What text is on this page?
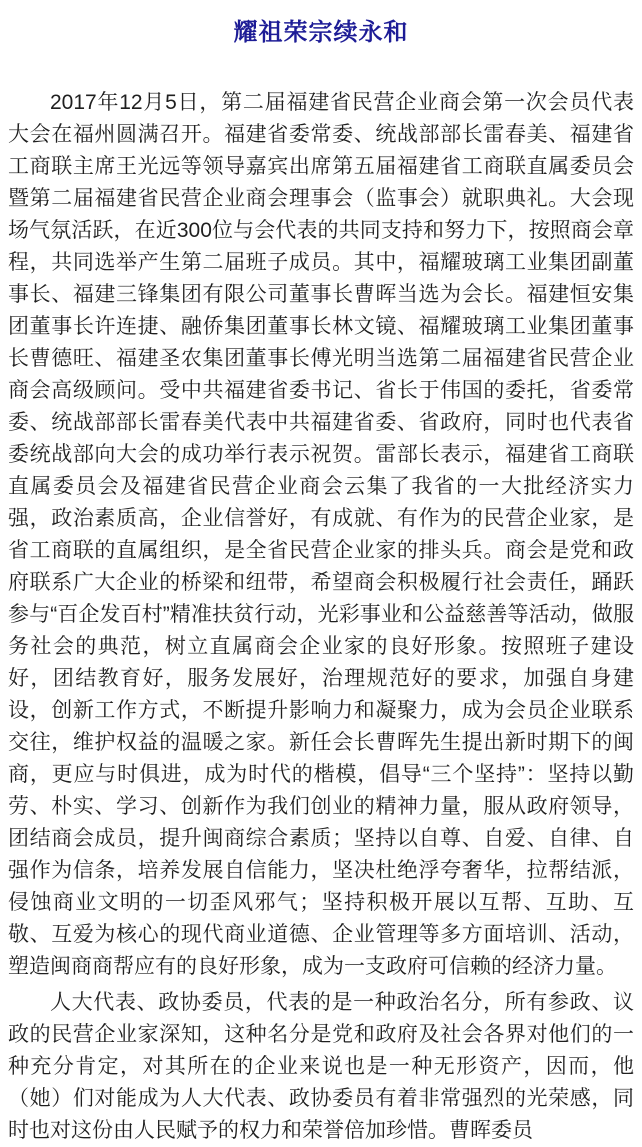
耀祖荣宗续永和

2017年12月5日，第二届福建省民营企业商会第一次会员代表大会在福州圆满召开。福建省委常委、统战部部长雷春美、福建省工商联主席王光远等领导嘉宾出席第五届福建省工商联直属委员会暨第二届福建省民营企业商会理事会（监事会）就职典礼。大会现场气氛活跃，在近300位与会代表的共同支持和努力下，按照商会章程，共同选举产生第二届班子成员。其中，福耀玻璃工业集团副董事长、福建三锋集团有限公司董事长曹晖当选为会长。福建恒安集团董事长许连捷、融侨集团董事长林文镜、福耀玻璃工业集团董事长曹德旺、福建圣农集团董事长傅光明当选第二届福建省民营企业商会高级顾问。受中共福建省委书记、省长于伟国的委托，省委常委、统战部部长雷春美代表中共福建省委、省政府，同时也代表省委统战部向大会的成功举行表示祝贺。雷部长表示，福建省工商联直属委员会及福建省民营企业商会云集了我省的一大批经济实力强，政治素质高，企业信誉好，有成就、有作为的民营企业家，是省工商联的直属组织，是全省民营企业家的排头兵。商会是党和政府联系广大企业的桥梁和纽带，希望商会积极履行社会责任，踊跃参与“百企发百村”精准扶贫行动，光彩事业和公益慈善等活动，做服务社会的典范，树立直属商会企业家的良好形象。按照班子建设好，团结教育好，服务发展好，治理规范好的要求，加强自身建设，创新工作方式，不断提升影响力和凝聚力，成为会员企业联系交往，维护权益的温暖之家。新任会长曹晖先生提出新时期下的闽商，更应与时俱进，成为时代的楷模，倡导“三个坚持”：坚持以勤劳、朴实、学习、创新作为我们创业的精神力量，服从政府领导，团结商会成员，提升闽商综合素质；坚持以自尊、自爱、自律、自强作为信条，培养发展自信能力，坚决杜绝浮夸奢华，拉帮结派，侵蚀商业文明的一切歪风邪气；坚持积极开展以互帮、互助、互敬、互爱为核心的现代商业道德、企业管理等多方面培训、活动，塑造闽商商帮应有的良好形象，成为一支政府可信赖的经济力量。

人大代表、政协委员，代表的是一种政治名分，所有参政、议政的民营企业家深知，这种名分是党和政府及社会各界对他们的一种充分肯定，对其所在的企业来说也是一种无形资产，因而，他（她）们对能成为人大代表、政协委员有着非常强烈的光荣感，同时也对这份由人民赋予的权力和荣誉倍加珍惜。曹晖委员
